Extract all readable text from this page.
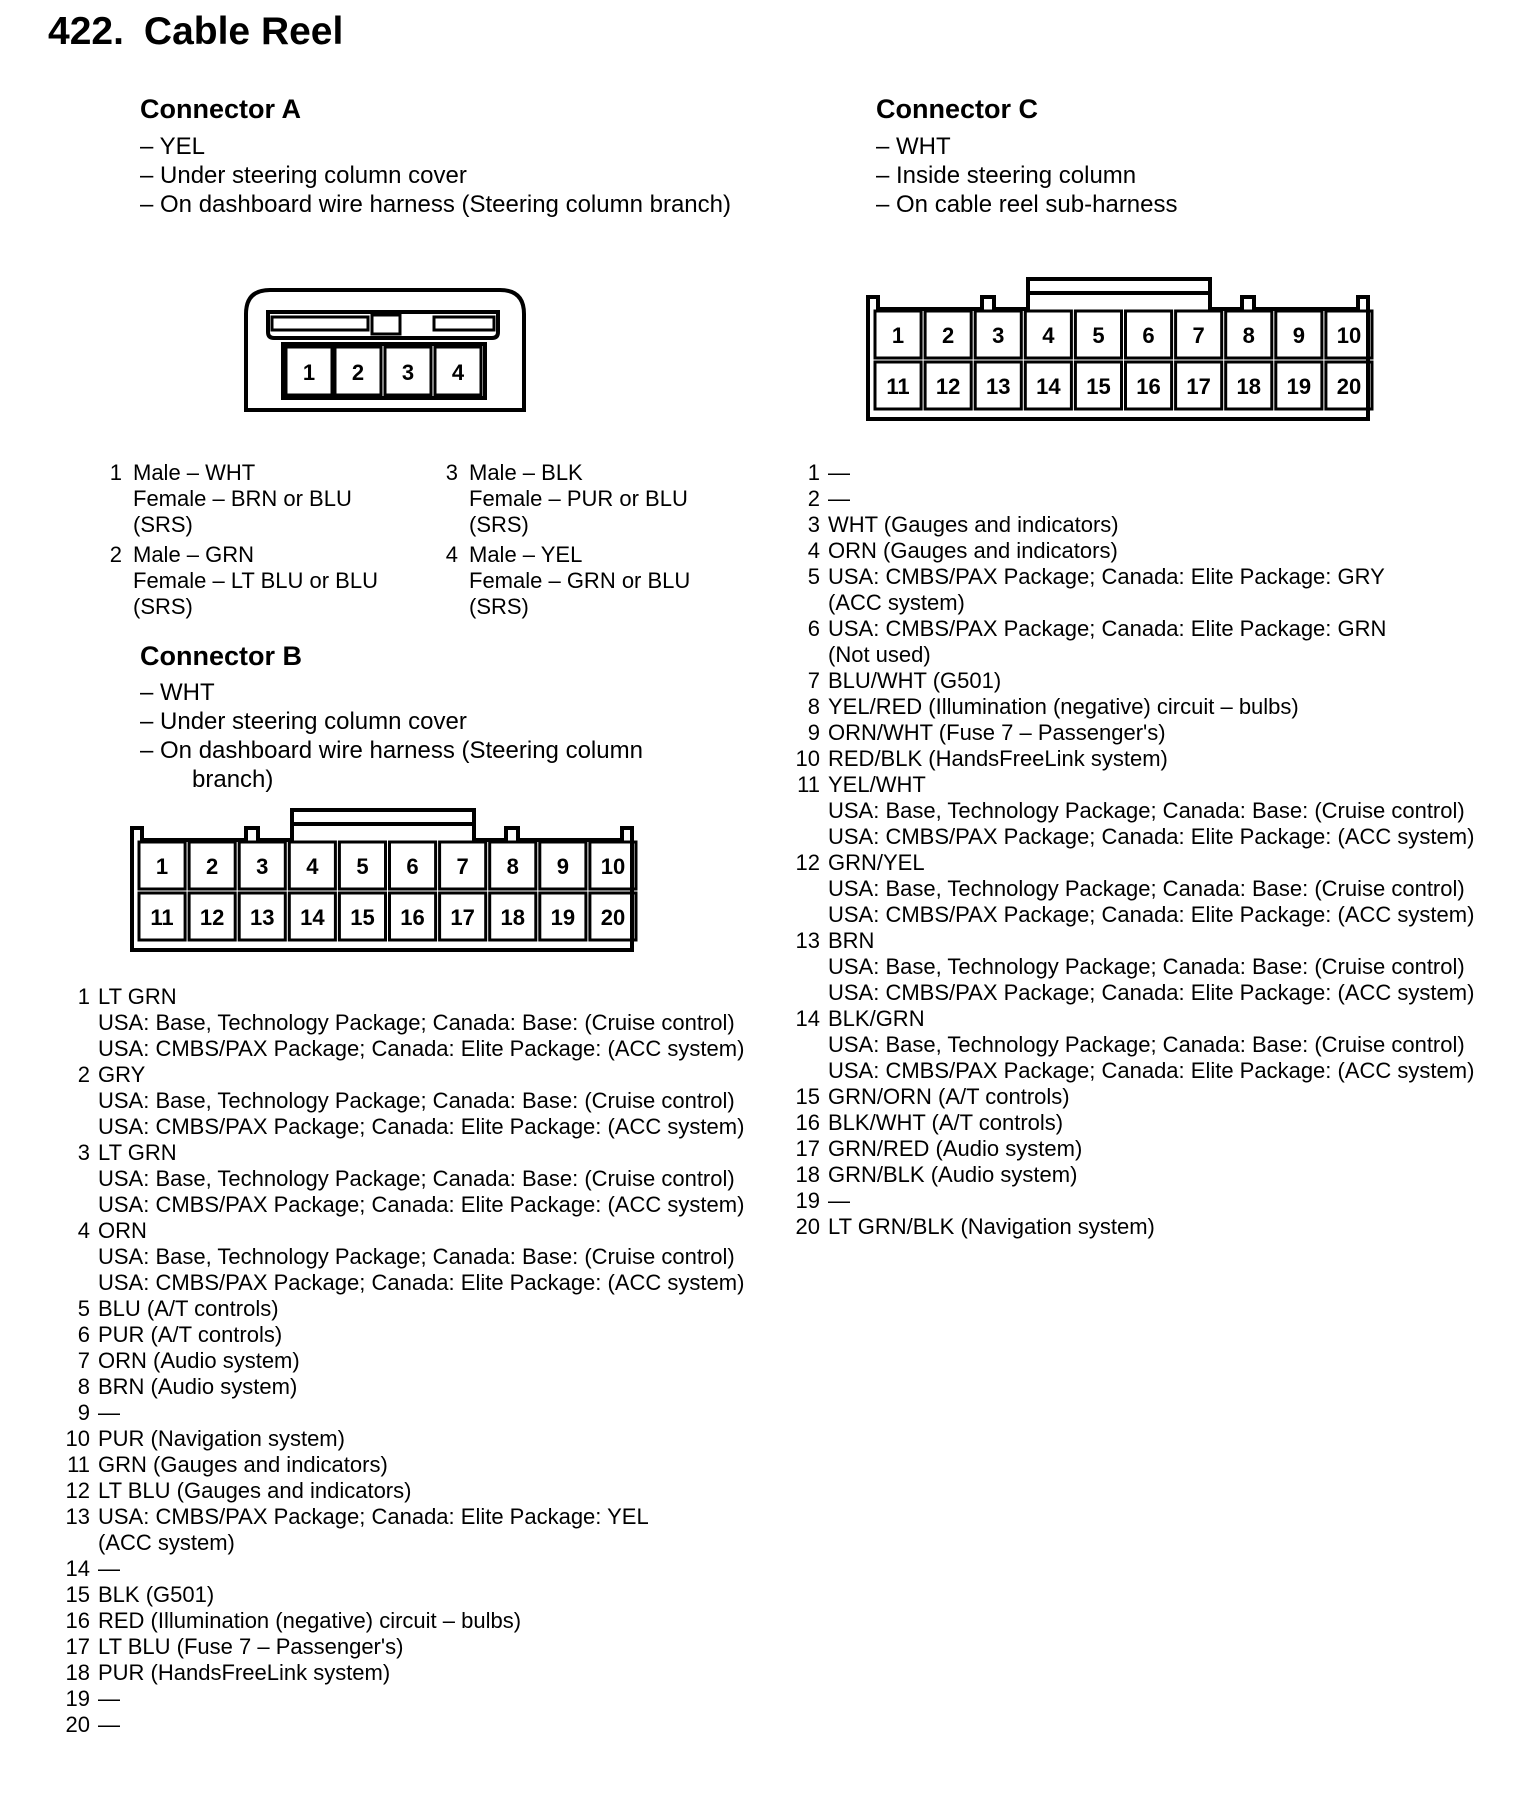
422. Cable Reel
Connector A
– YEL
– Under steering column cover
– On dashboard wire harness (Steering column branch)
1 2 3 4
1 Male – WHT
Female – BRN or BLU
(SRS)
2 Male – GRN
Female – LT BLU or BLU
(SRS)
3 Male – BLK
Female – PUR or BLU
(SRS)
4 Male – YEL
Female – GRN or BLU
(SRS)
Connector B
– WHT
– Under steering column cover
– On dashboard wire harness (Steering column
branch)
1 2 3 4 5 6 7 8 9 10
11 12 13 14 15 16 17 18 19 20
1 LT GRN
USA: Base, Technology Package; Canada: Base: (Cruise control)
USA: CMBS/PAX Package; Canada: Elite Package: (ACC system)
2 GRY
USA: Base, Technology Package; Canada: Base: (Cruise control)
USA: CMBS/PAX Package; Canada: Elite Package: (ACC system)
3 LT GRN
USA: Base, Technology Package; Canada: Base: (Cruise control)
USA: CMBS/PAX Package; Canada: Elite Package: (ACC system)
4 ORN
USA: Base, Technology Package; Canada: Base: (Cruise control)
USA: CMBS/PAX Package; Canada: Elite Package: (ACC system)
5 BLU (A/T controls)
6 PUR (A/T controls)
7 ORN (Audio system)
8 BRN (Audio system)
9 —
10 PUR (Navigation system)
11 GRN (Gauges and indicators)
12 LT BLU (Gauges and indicators)
13 USA: CMBS/PAX Package; Canada: Elite Package: YEL
(ACC system)
14 —
15 BLK (G501)
16 RED (Illumination (negative) circuit – bulbs)
17 LT BLU (Fuse 7 – Passenger's)
18 PUR (HandsFreeLink system)
19 —
20 —
Connector C
– WHT
– Inside steering column
– On cable reel sub-harness
1 2 3 4 5 6 7 8 9 10
11 12 13 14 15 16 17 18 19 20
1 —
2 —
3 WHT (Gauges and indicators)
4 ORN (Gauges and indicators)
5 USA: CMBS/PAX Package; Canada: Elite Package: GRY
(ACC system)
6 USA: CMBS/PAX Package; Canada: Elite Package: GRN
(Not used)
7 BLU/WHT (G501)
8 YEL/RED (Illumination (negative) circuit – bulbs)
9 ORN/WHT (Fuse 7 – Passenger's)
10 RED/BLK (HandsFreeLink system)
11 YEL/WHT
USA: Base, Technology Package; Canada: Base: (Cruise control)
USA: CMBS/PAX Package; Canada: Elite Package: (ACC system)
12 GRN/YEL
USA: Base, Technology Package; Canada: Base: (Cruise control)
USA: CMBS/PAX Package; Canada: Elite Package: (ACC system)
13 BRN
USA: Base, Technology Package; Canada: Base: (Cruise control)
USA: CMBS/PAX Package; Canada: Elite Package: (ACC system)
14 BLK/GRN
USA: Base, Technology Package; Canada: Base: (Cruise control)
USA: CMBS/PAX Package; Canada: Elite Package: (ACC system)
15 GRN/ORN (A/T controls)
16 BLK/WHT (A/T controls)
17 GRN/RED (Audio system)
18 GRN/BLK (Audio system)
19 —
20 LT GRN/BLK (Navigation system)
